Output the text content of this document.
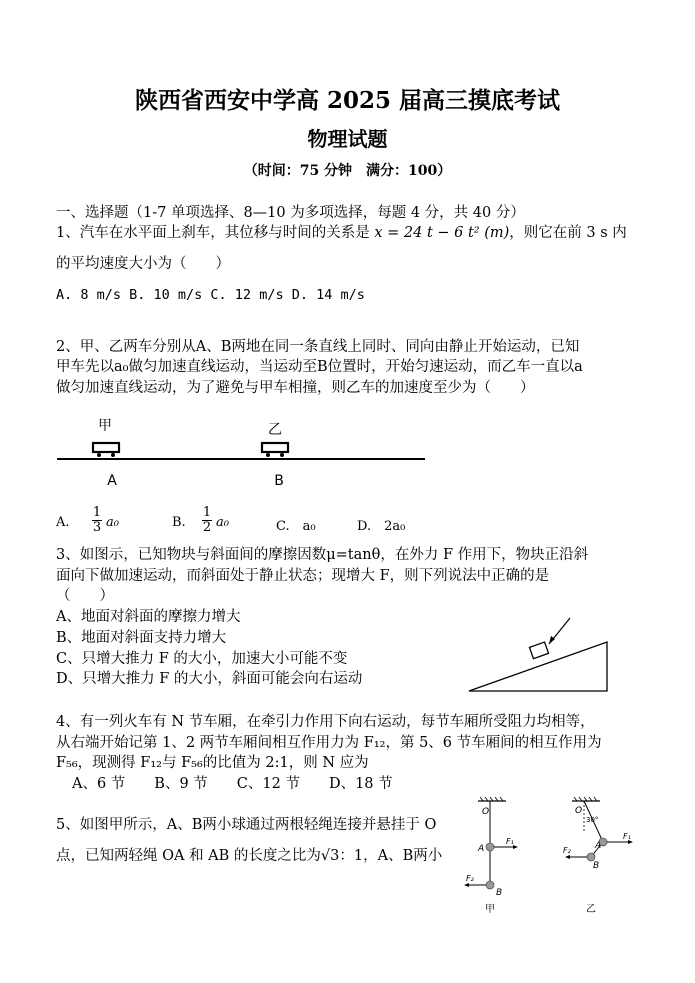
陕西省西安中学高 2025 届高三摸底考试
物理试题
（时间：75 分钟　满分：100）
一、选择题（1-7 单项选择、8—10 为多项选择，每题 4 分，共 40 分）
1、汽车在水平面上刹车，其位移与时间的关系是 x = 24 t − 6 t² (m)，则它在前 3 s 内
的平均速度大小为（　　）
A. 8 m/s B. 10 m/s C. 12 m/s D. 14 m/s
2、甲、乙两车分别从A、B两地在同一条直线上同时、同向由静止开始运动，已知
甲车先以a₀做匀加速直线运动，当运动至B位置时，开始匀速运动，而乙车一直以a
做匀加速直线运动，为了避免与甲车相撞，则乙车的加速度至少为（　　）
甲	乙
A	B
A. $\frac{1}{3} a_0$	B. $\frac{1}{2} a_0$	C.　a₀	D.　2a₀
3、如图示，已知物块与斜面间的摩擦因数μ=tanθ，在外力 F 作用下，物块正沿斜
面向下做加速运动，而斜面处于静止状态；现增大 F，则下列说法中正确的是
（　　）
A、地面对斜面的摩擦力增大
B、地面对斜面支持力增大
C、只增大推力 F 的大小，加速大小可能不变
D、只增大推力 F 的大小，斜面可能会向右运动
4、有一列火车有 N 节车厢，在牵引力作用下向右运动，每节车厢所受阻力均相等，
从右端开始记第 1、2 两节车厢间相互作用力为 F₁₂，第 5、6 节车厢间的相互作用为
F₅₆，现测得 F₁₂与 F₅₆的比值为 2:1，则 N 应为
A、6 节　　B、9 节　　C、12 节　　D、18 节
5、如图甲所示，A、B两小球通过两根轻绳连接并悬挂于 O
点，已知两轻绳 OA 和 AB 的长度之比为√3：1，A、B两小
O
A
B
F₁
F₂
甲
O
30°
A
B
F₁
F₂
乙
